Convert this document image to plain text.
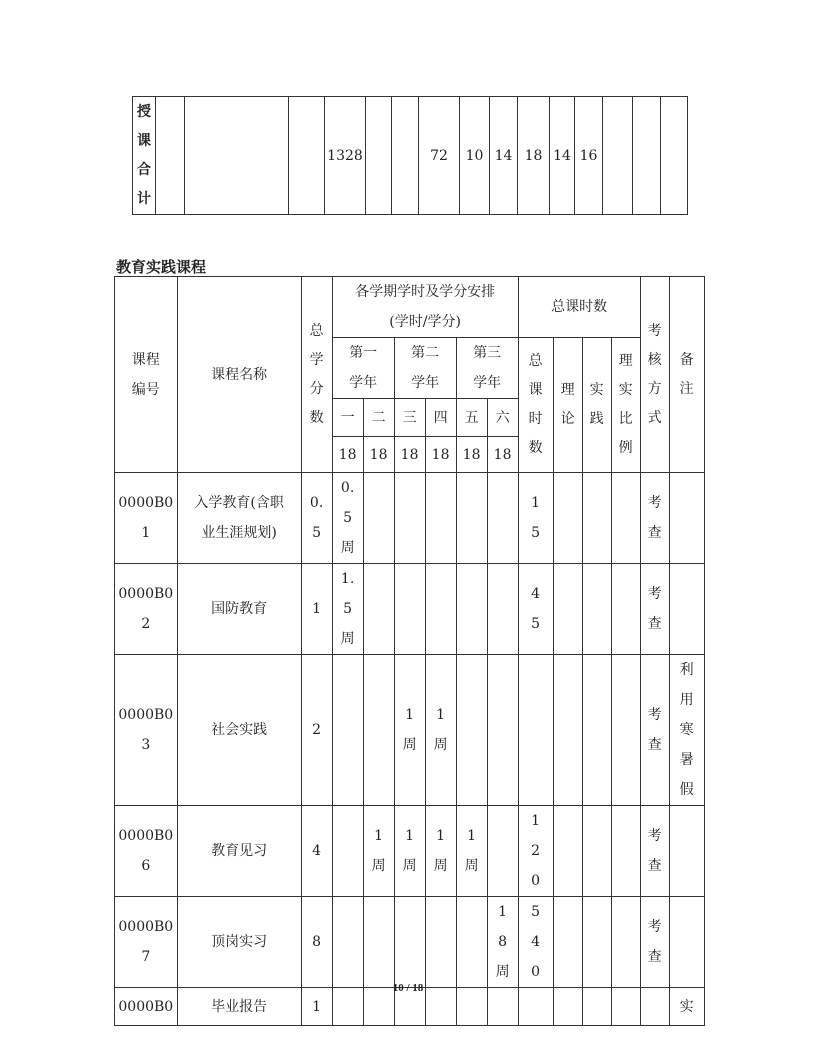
授课合计
				1328			72	10	14	18	14	16			
教育实践课程
课程编号	课程名称	总学分数	各学期学时及学分安排
(学时/学分)						总课时数				考核方式	备注

			第一学年		第二学年		第三学年		总课时数	理论	实践	理实比例		

			一	二	三	四	五	六						
			18	18	18	18	18	18						

0000B01	入学教育(含职业生涯规划)	0.5	0.5周						15				考查	

0000B02	国防教育	1	1.5周						45				考查	

0000B03	社会实践	2			1周	1周							考查	利用寒暑假

0000B06	教育见习	4		1周	1周	1周	1周		120				考查	

0000B07	顶岗实习	8						18周	540				考查	

0000B0	毕业报告	1												实
10 / 18
